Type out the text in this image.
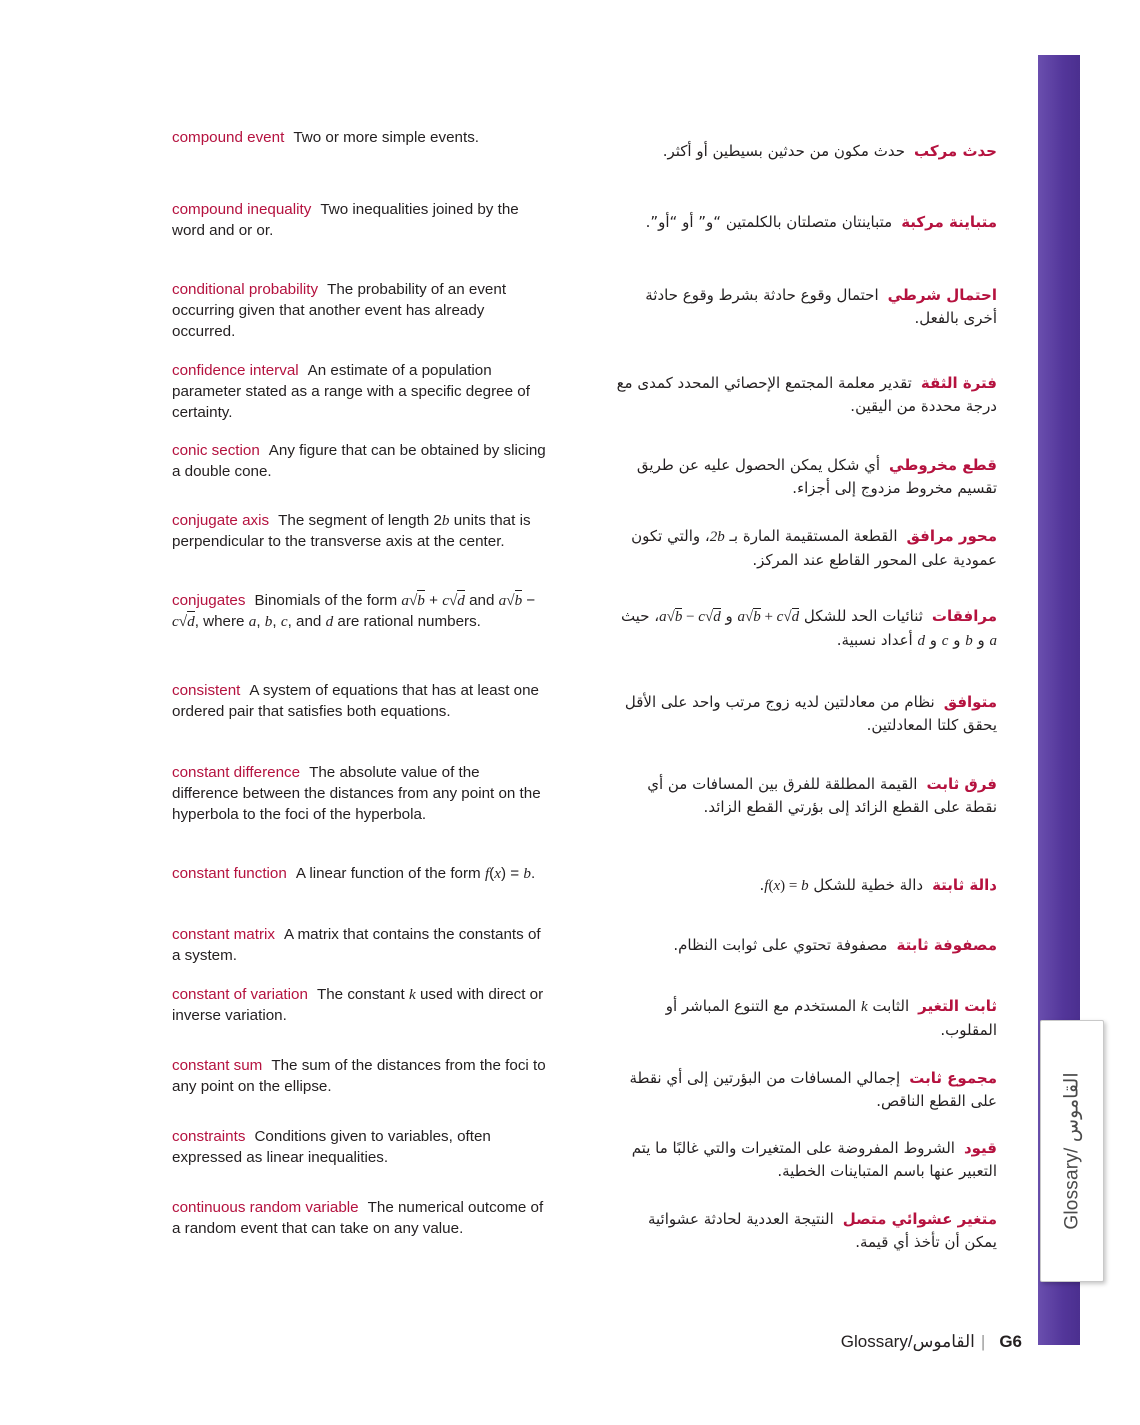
Glossary/ القاموس
compound event Two or more simple events.
compound inequality Two inequalities joined by the word and or or.
conditional probability The probability of an event occurring given that another event has already occurred.
confidence interval An estimate of a population parameter stated as a range with a specific degree of certainty.
conic section Any figure that can be obtained by slicing a double cone.
conjugate axis The segment of length 2b units that is perpendicular to the transverse axis at the center.
conjugates Binomials of the form a√b + c√d and a√b − c√d, where a, b, c, and d are rational numbers.
consistent A system of equations that has at least one ordered pair that satisfies both equations.
constant difference The absolute value of the difference between the distances from any point on the hyperbola to the foci of the hyperbola.
constant function A linear function of the form f(x) = b.
constant matrix A matrix that contains the constants of a system.
constant of variation The constant k used with direct or inverse variation.
constant sum The sum of the distances from the foci to any point on the ellipse.
constraints Conditions given to variables, often expressed as linear inequalities.
continuous random variable The numerical outcome of a random event that can take on any value.
حدث مركبحدث مكون من حدثين بسيطين أو أكثر.
متباينة مركبةمتباينتان متصلتان بالكلمتين “و” أو “أو”.
احتمال شرطياحتمال وقوع حادثة بشرط وقوع حادثة أخرى بالفعل.
فترة الثقةتقدير معلمة المجتمع الإحصائي المحدد كمدى مع درجة محددة من اليقين.
قطع مخروطيأي شكل يمكن الحصول عليه عن طريق تقسيم مخروط مزدوج إلى أجزاء.
محور مرافقالقطعة المستقيمة المارة بـ 2b، والتي تكون عمودية على المحور القاطع عند المركز.
مرافقاتثنائيات الحد للشكل a√b + c√d و a√b − c√d، حيث a و b و c و d أعداد نسبية.
متوافقنظام من معادلتين لديه زوج مرتب واحد على الأقل يحقق كلتا المعادلتين.
فرق ثابتالقيمة المطلقة للفرق بين المسافات من أي نقطة على القطع الزائد إلى بؤرتي القطع الزائد.
دالة ثابتةدالة خطية للشكل f(x) = b.
مصفوفة ثابتةمصفوفة تحتوي على ثوابت النظام.
ثابت التغيرالثابت k المستخدم مع التنوع المباشر أو المقلوب.
مجموع ثابتإجمالي المسافات من البؤرتين إلى أي نقطة على القطع الناقص.
قيودالشروط المفروضة على المتغيرات والتي غالبًا ما يتم التعبير عنها باسم المتباينات الخطية.
متغير عشوائي متصلالنتيجة العددية لحادثة عشوائية يمكن أن تأخذ أي قيمة.
Glossary/القاموس | G6
